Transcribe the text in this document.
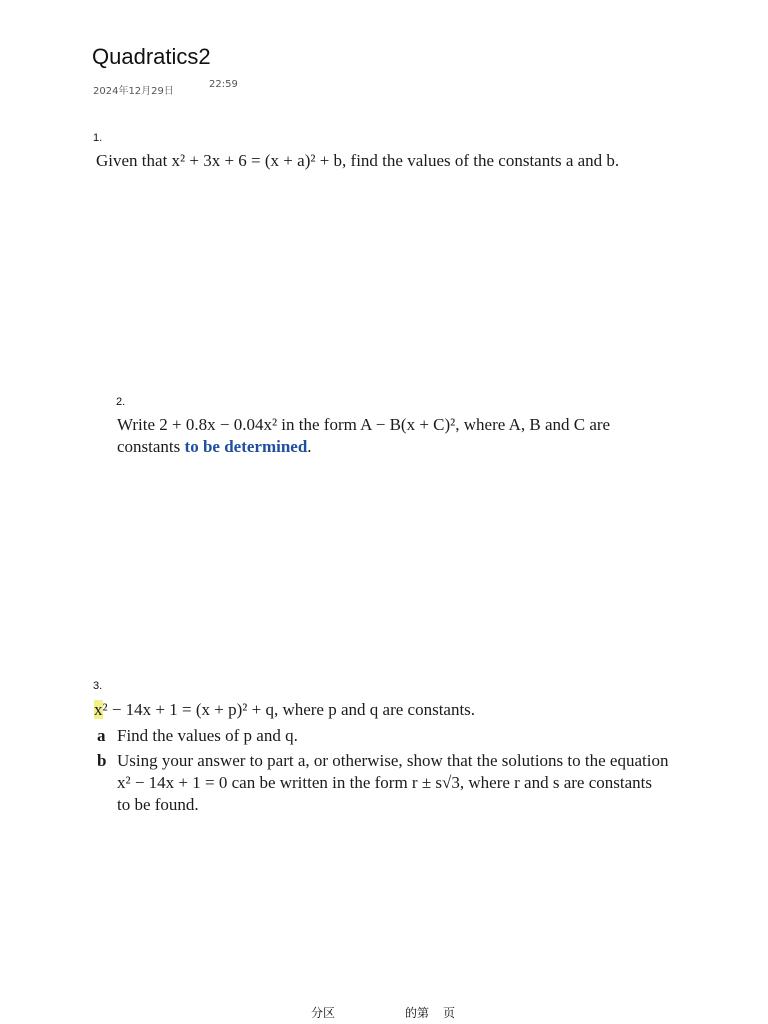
Quadratics2
2024年12月29日
22:59
1.
Given that x² + 3x + 6 = (x + a)² + b, find the values of the constants a and b.
2.
Write 2 + 0.8x − 0.04x² in the form A − B(x + C)², where A, B and C are
constants to be determined.
3.
x² − 14x + 1 = (x + p)² + q, where p and q are constants.
a Find the values of p and q.
b Using your answer to part a, or otherwise, show that the solutions to the equation
x² − 14x + 1 = 0 can be written in the form r ± s√3, where r and s are constants
to be found.
分区	的第 页
